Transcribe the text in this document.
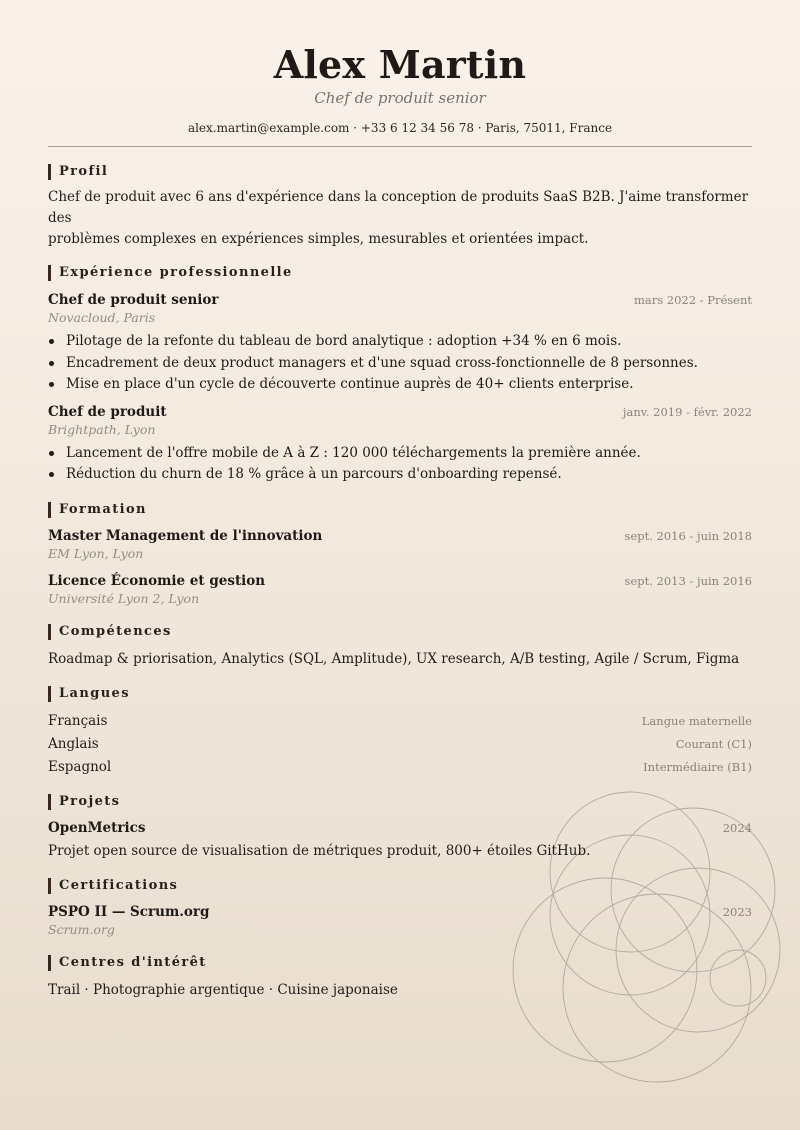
Alex Martin
Chef de produit senior
alex.martin@example.com · +33 6 12 34 56 78 · Paris, 75011, France
Profil
Chef de produit avec 6 ans d'expérience dans la conception de produits SaaS B2B. J'aime transformer des
problèmes complexes en expériences simples, mesurables et orientées impact.
Expérience professionnelle
Chef de produit senior	mars 2022 - Présent
Novacloud, Paris
Pilotage de la refonte du tableau de bord analytique : adoption +34 % en 6 mois.
Encadrement de deux product managers et d'une squad cross-fonctionnelle de 8 personnes.
Mise en place d'un cycle de découverte continue auprès de 40+ clients enterprise.
Chef de produit	janv. 2019 - févr. 2022
Brightpath, Lyon
Lancement de l'offre mobile de A à Z : 120 000 téléchargements la première année.
Réduction du churn de 18 % grâce à un parcours d'onboarding repensé.
Formation
Master Management de l'innovation	sept. 2016 - juin 2018
EM Lyon, Lyon
Licence Économie et gestion	sept. 2013 - juin 2016
Université Lyon 2, Lyon
Compétences
Roadmap & priorisation, Analytics (SQL, Amplitude), UX research, A/B testing, Agile / Scrum, Figma
Langues
Français	Langue maternelle
Anglais	Courant (C1)
Espagnol	Intermédiaire (B1)
Projets
OpenMetrics	2024
Projet open source de visualisation de métriques produit, 800+ étoiles GitHub.
Certifications
PSPO II — Scrum.org	2023
Scrum.org
Centres d'intérêt
Trail · Photographie argentique · Cuisine japonaise
